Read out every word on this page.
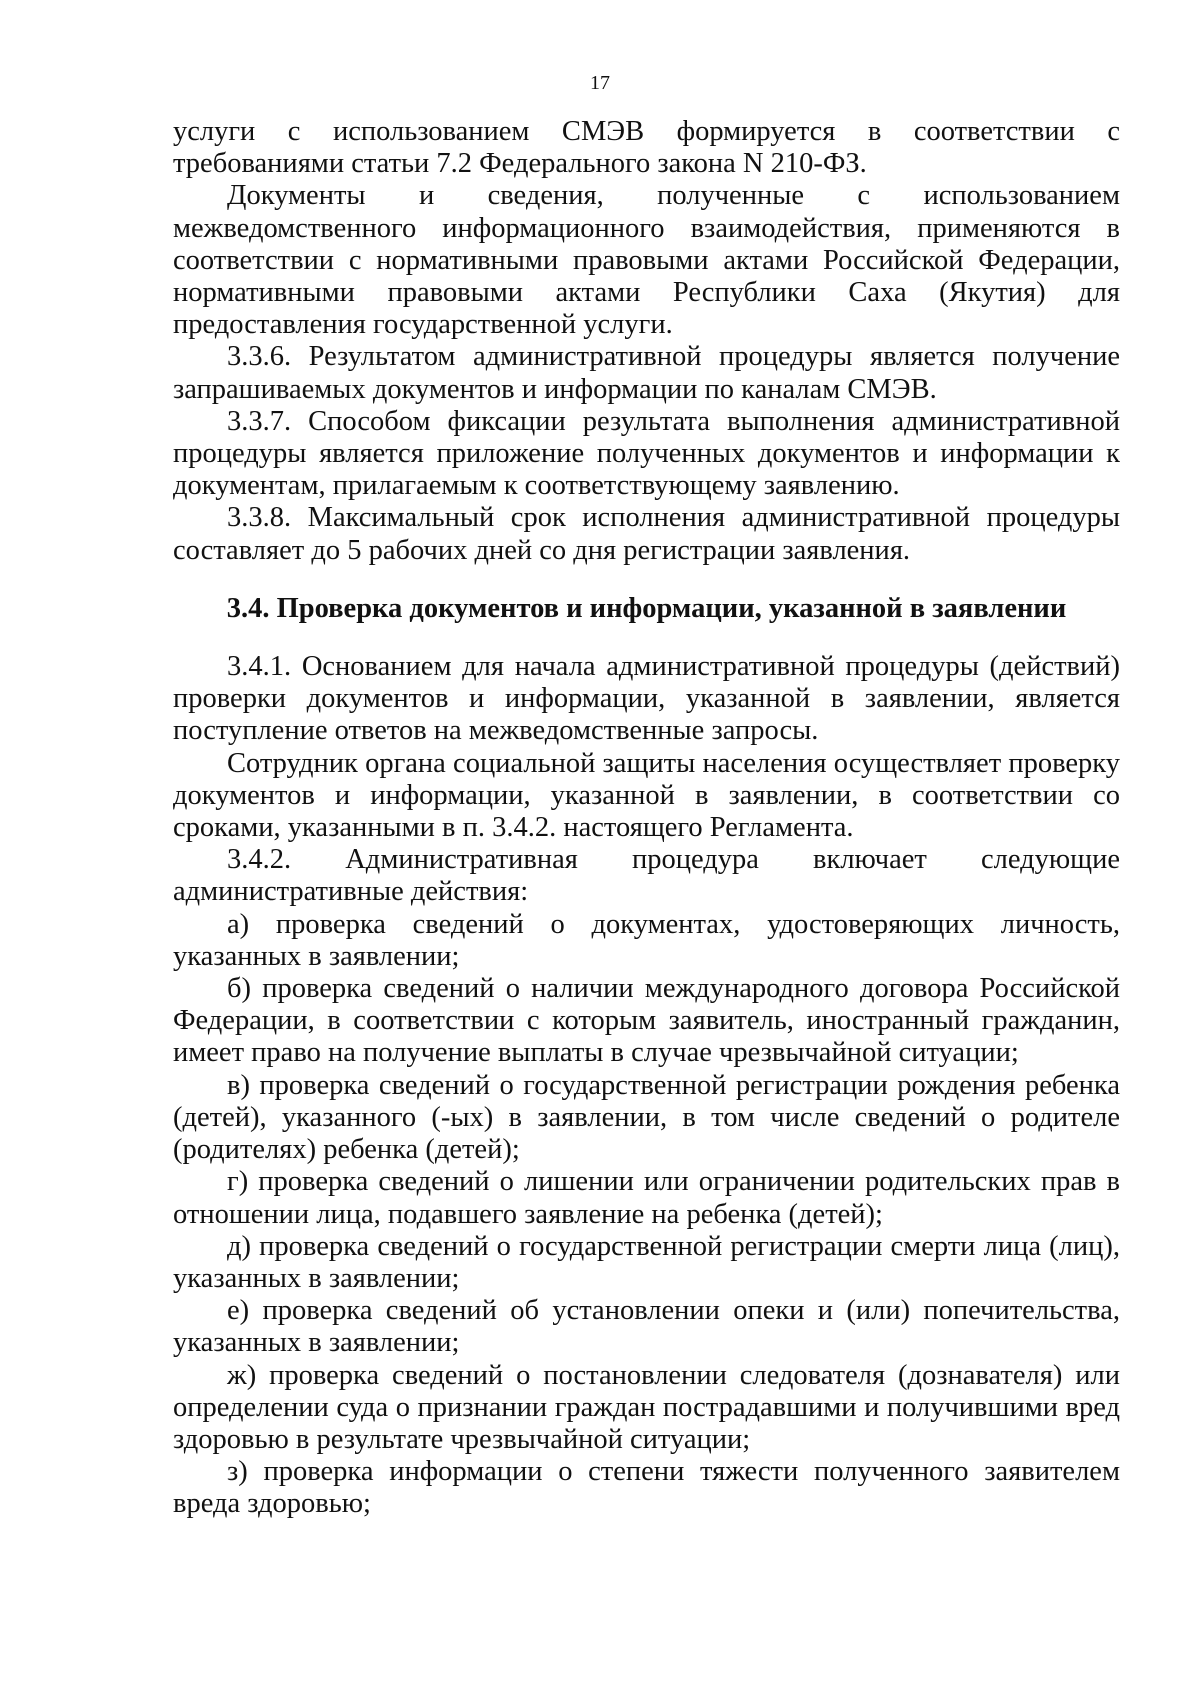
17

услуги с использованием СМЭВ формируется в соответствии с требованиями статьи 7.2 Федерального закона N 210-ФЗ.

Документы и сведения, полученные с использованием межведомственного информационного взаимодействия, применяются в соответствии с нормативными правовыми актами Российской Федерации, нормативными правовыми актами Республики Саха (Якутия) для предоставления государственной услуги.

3.3.6. Результатом административной процедуры является получение запрашиваемых документов и информации по каналам СМЭВ.

3.3.7. Способом фиксации результата выполнения административной процедуры является приложение полученных документов и информации к документам, прилагаемым к соответствующему заявлению.

3.3.8. Максимальный срок исполнения административной процедуры составляет до 5 рабочих дней со дня регистрации заявления.

3.4. Проверка документов и информации, указанной в заявлении

3.4.1. Основанием для начала административной процедуры (действий) проверки документов и информации, указанной в заявлении, является поступление ответов на межведомственные запросы.

Сотрудник органа социальной защиты населения осуществляет проверку документов и информации, указанной в заявлении, в соответствии со сроками, указанными в п. 3.4.2. настоящего Регламента.

3.4.2. Административная процедура включает следующие административные действия:

а) проверка сведений о документах, удостоверяющих личность, указанных в заявлении;

б) проверка сведений о наличии международного договора Российской Федерации, в соответствии с которым заявитель, иностранный гражданин, имеет право на получение выплаты в случае чрезвычайной ситуации;

в) проверка сведений о государственной регистрации рождения ребенка (детей), указанного (-ых) в заявлении, в том числе сведений о родителе (родителях) ребенка (детей);

г) проверка сведений о лишении или ограничении родительских прав в отношении лица, подавшего заявление на ребенка (детей);

д) проверка сведений о государственной регистрации смерти лица (лиц), указанных в заявлении;

е) проверка сведений об установлении опеки и (или) попечительства, указанных в заявлении;

ж) проверка сведений о постановлении следователя (дознавателя) или определении суда о признании граждан пострадавшими и получившими вред здоровью в результате чрезвычайной ситуации;

з) проверка информации о степени тяжести полученного заявителем вреда здоровью;
